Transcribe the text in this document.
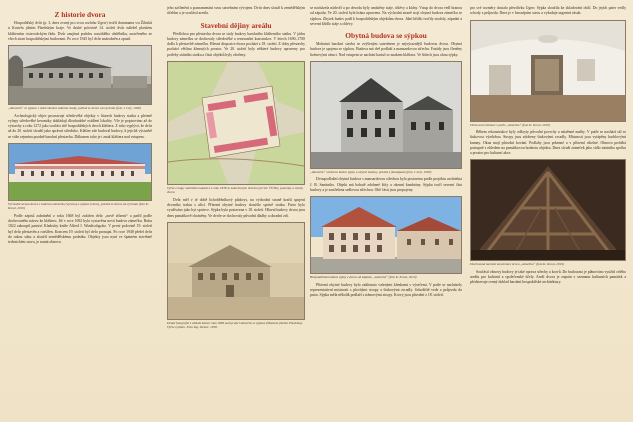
Z historie dvora

Hospodářský dvůr (p. 3, dnes zvaný pro svou rozlohu Ugerr) tvořil dominantu vsi Žilinků u Kostela jižním Plzeňským kraje. Ve druhé polovině 14. století dvůr náležel plaském klášterním cisterciáckým řádu. Dvůr zaujímá podobu rozsáhlého obdélníku, uzavřeného ze všech stran hospodářskými budovami. Po roce 1945 byl dvůr znárodněn a zpustl.

„Zámeček“ se sýpkou v době užívání státními statky, pohled ze dvora od východu (foto J. Lisý, 1990)

Archeologický objev prozrazuje středověké objekty v litarech budovy statku a pleteně vylepy středověké keramiky dokládají dlouhodobé osídlení lokality. Vše je popisováno až do výstavby z roku 1272 jako součást sítě hospodářských dvorů kláštera. Z toho vyplývá, že dvůr až do 20. století sloužil jako správní středisko. Klášter zde budoval budovy, k jejichž výstavbě se váže zejména pozdně barokní přestavba. Důkazem toho je i znak kláštera nad vstupem.

Východní strana dvora s budovou zámečku (vpravo) a sýpkou (vlevo), pohled ze dvora od východu (foto K. Kroul, 2019)

Podle zápisů zabránění z roku 1668 byl založen dvůr „nově zřízení“ a patřil podle dochovaného názvu ke klášteru. Již v roce 1692 byla vystavěna nová budova zámečku. Roku 1822 zakoupil panství Kladruby kníže Alfred I. Windischgrätz. V první polovině 19. století byl dvůr přestavěn a rozšířen. Koncem 19. století byl dvůr pronajat. Po roce 1948 přešel dvůr do rukou státu a sloužil zemědělskému podniku. Objekty jsou nyní ve špatném stavebně technickém stavu, je nutná obnova.

jeho začlenění a poznamenání svou stavebním vývojem. Dvůr dnes slouží k zemědělským účelům a je součástí areálu.

Stavební dějiny areálu

Předlohou pro přestavbu dvora se staly budovy barokního klášterního statku. V jádru budovy zámečku se dochovaly středověké a renesanční konstrukce. V letech 1690–1700 došlo k přestavbě zámečku. Hlavní dispozice dvora pochází z 18. století. Z doby přestavby pochází většina klenutých prostor. Ve 20. století byly některé budovy upraveny pro potřeby státního statku a části objektů byly zbořeny.

Výřez z mapy stabilního katastru z roku 1838 se zakresleným dvorem (archiv ČÚZK), pozemky a stavby dvora

Dvůr měl v té době lichoběžníkový půdorys, na východní straně kratší spojení dvorního traktu s ulicí. Přízemí obytné budovy sloužilo správě statku. Patro bylo využíváno jako byt správce. Sýpka byla postavena v 18. století. Hlavní budovy dvora jsou dnes památkově chráněny. Ve dvoře se dochovaly původní dlažby a ohradní zdi.

Detail fotografie z období kolem roku 1890 zachycující zámeček se sýpkou (Muzeum jižního Plzeňska). Výřez z plánu. Foto Ing. Stemer, 1938.

se nacházela nádvoří a po obvodu byly umístěny stáje, chlévy a kůlny. Vstup do dvora vedl branou od západu. Ve 20. století byla brána upravena. Na východní straně stojí obytná budova zámečku se sýpkou. Zbytek budov patří k hospodářským objektům dvora. Jižní křídlo tvořily stodoly, západní a severní křídlo stáje a chlévy.

Obytná budova se sýpkou

Mohutná barokní stavba se zvýšeným suterénem je nejvýraznější budovou dvora. Obytná budova je spojena se sýpkou. Budova má dvě podlaží a mansardovou střechu. Fasády jsou členěny lizénovými rámci. Nad vstupem se nachází kartuš se znakem kláštera. Ve štítech jsou okna sýpky.

„Zámeček“ od dvora budov sýpky a obytné budovy, pohled z jihozápadu (foto J. Lisý, 1990)

Dvoupodlažní obytná budova s mansardovou střechou byla postavena podle projektu architekta J. B. Santiniho. Objekt má bohatě zdobené štíty a okenní šambrány. Sýpka tvoří severní část budovy a je zastřešena sedlovou střechou. Obě části jsou propojeny.

Hospodářská budova sýpky z dvora od západu, „zámeček“ (foto K. Kroul, 2019)

Přízemí obytné budovy bylo zaklenuto valenými klenbami s výsečemi. V patře se nacházely reprezentativní místnosti s plochými stropy a štukovými zrcadly. Schodiště vede z průjezdu do patra. Sýpka měla několik podlaží s trámovými stropy. Krovy jsou původní z 18. století.

pro své rozměry dostalo přezdívku Ugerr. Sýpka sloužila ke skladování obilí. Do jejích pater vedly schody z průjezdu. Dnes je v havarijním stavu a vyžaduje urgentní zásah.

Obnovená místnost v patře „zámečku“ (foto K. Kroul, 2019)

Během rekonstrukce byly odkryty původní povrchy a nástěnné malby. V patře se nachází sál se štukovou výzdobou. Stropy jsou zdobeny štukovými zrcadly. Místnosti jsou vytápěny kachlovými kamny. Okna mají původní kování. Podlahy jsou prkenné a v přízemí cihelné. Obnova probíhá postupně s ohledem na památkovou hodnotu objektu. Dnes slouží zámeček jako sídlo místního spolku a prostor pro kulturní akce.

Dochovaná barokní konstrukce krovu „zámečku“ (foto K. Kroul, 2019)

Součástí obnovy budovy je také oprava střechy a krovů. Do budoucna je plánováno využití celého areálu pro kulturní a společenské účely. Areál dvora je zapsán v seznamu kulturních památek a představuje cenný doklad barokní hospodářské architektury.
